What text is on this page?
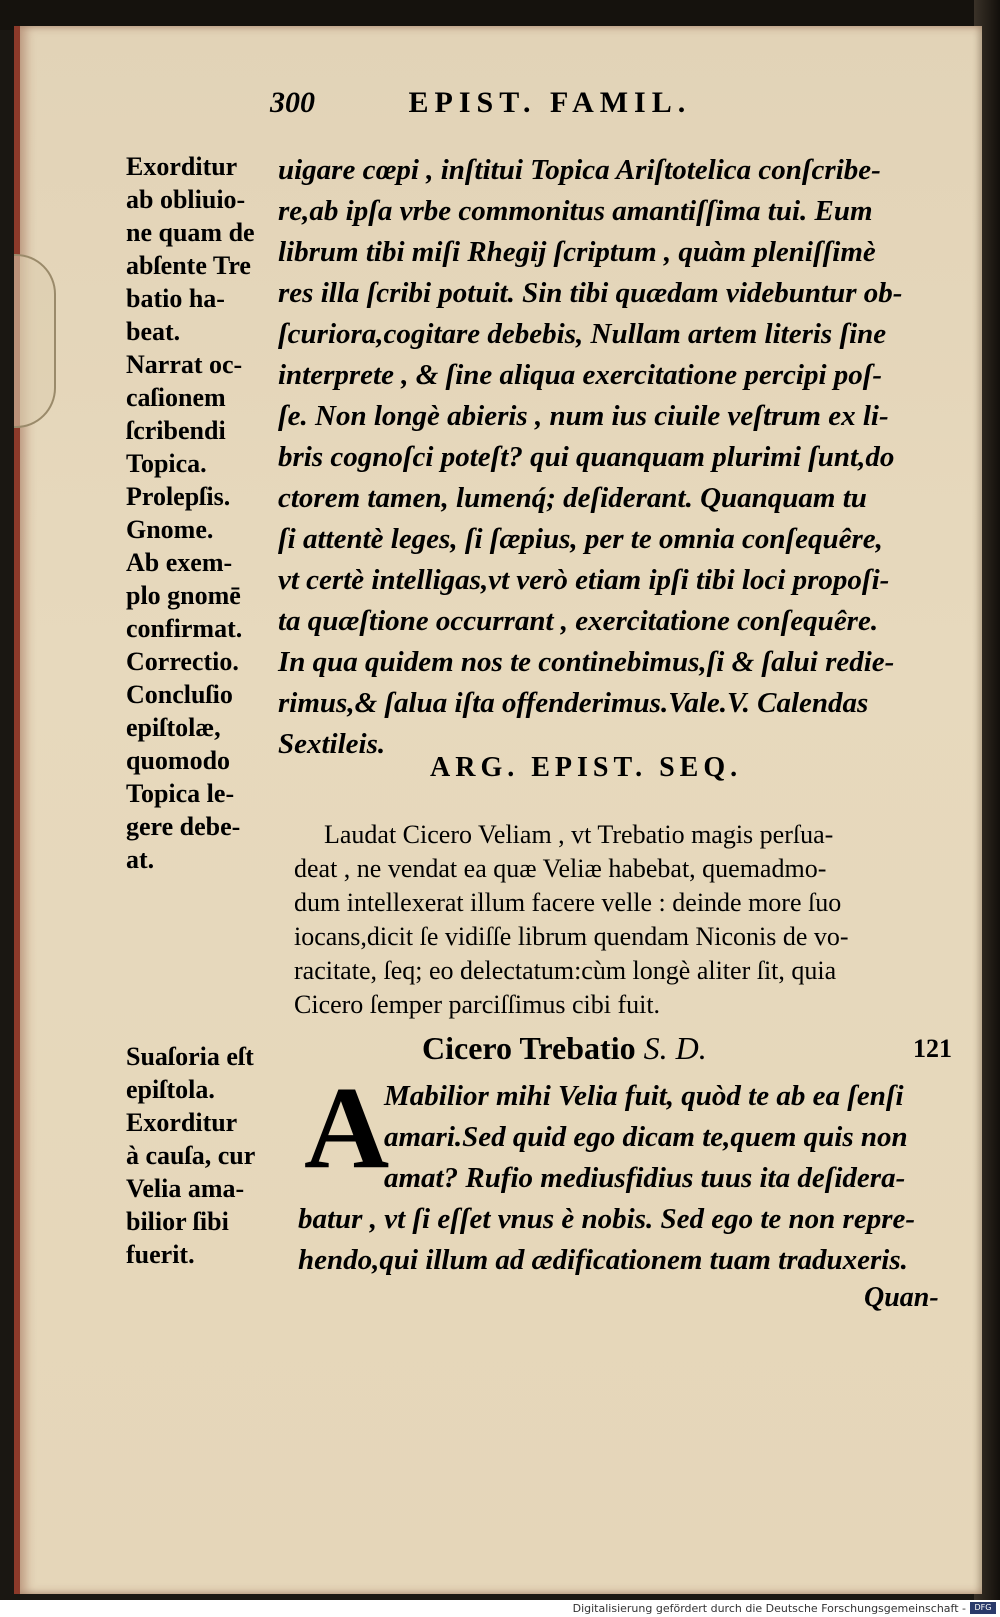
300	EPIST. FAMIL.
Exorditur
ab obliuio-
ne quam de
abſente Tre
batio ha-
beat.
Narrat oc-
caſionem
ſcribendi
Topica.
Prolepſis.
Gnome.
Ab exem-
plo gnomē
confirmat.
Correctio.
Concluſio
epiſtolæ,
quomodo
Topica le-
gere debe-
at.
uigare cœpi , inſtitui Topica Ariſtotelica conſcribe-
re,ab ipſa vrbe commonitus amantiſſima tui. Eum
librum tibi miſi Rhegij ſcriptum , quàm pleniſſimè
res illa ſcribi potuit. Sin tibi quædam videbuntur ob-
ſcuriora,cogitare debebis, Nullam artem literis ſine
interprete , & ſine aliqua exercitatione percipi poſ-
ſe. Non longè abieris , num ius ciuile veſtrum ex li-
bris cognoſci poteſt? qui quanquam plurimi ſunt,do
ctorem tamen, lumenq́; deſiderant. Quanquam tu
ſi attentè leges, ſi ſæpius, per te omnia conſequêre,
vt certè intelligas,vt verò etiam ipſi tibi loci propoſi-
ta quæſtione occurrant , exercitatione conſequêre.
In qua quidem nos te continebimus,ſi & ſalui redie-
rimus,& ſalua iſta offenderimus.Vale.V. Calendas
Sextileis.
ARG. EPIST. SEQ.
Laudat Cicero Veliam , vt Trebatio magis perſua-
deat , ne vendat ea quæ Veliæ habebat, quemadmo-
dum intellexerat illum facere velle : deinde more ſuo
iocans,dicit ſe vidiſſe librum quendam Niconis de vo-
racitate, ſeq; eo delectatum:cùm longè aliter ſit, quia
Cicero ſemper parciſſimus cibi fuit.
Suaſoria eſt
epiſtola.
Exorditur
à cauſa, cur
Velia ama-
bilior ſibi
fuerit.
Cicero Trebatio S. D.	121
A
Mabilior mihi Velia fuit, quòd te ab ea ſenſi
amari.Sed quid ego dicam te,quem quis non
amat? Rufio mediusfidius tuus ita deſidera-
batur , vt ſi eſſet vnus è nobis. Sed ego te non repre-
hendo,qui illum ad ædificationem tuam traduxeris.
Quan-
Digitalisierung gefördert durch die Deutsche Forschungsgemeinschaft -	DFG
